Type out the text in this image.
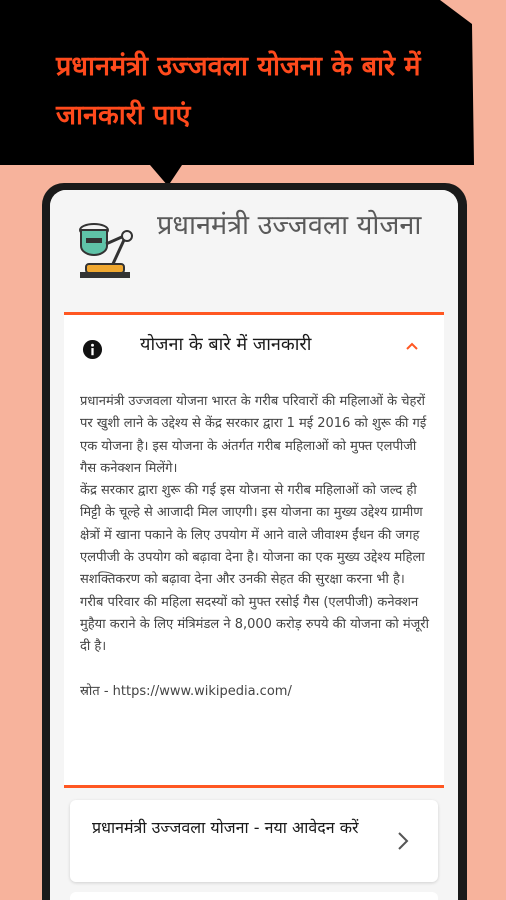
प्रधानमंत्री उज्जवला योजना के बारे में जानकारी पाएं
प्रधानमंत्री उज्जवला योजना
योजना के बारे में जानकारी

प्रधानमंत्री उज्जवला योजना भारत के गरीब परिवारों की महिलाओं के चेहरों पर खुशी लाने के उद्देश्य से केंद्र सरकार द्वारा 1 मई 2016 को शुरू की गई एक योजना है। इस योजना के अंतर्गत गरीब महिलाओं को मुफ्त एलपीजी गैस कनेक्शन मिलेंगे।

केंद्र सरकार द्वारा शुरू की गई इस योजना से गरीब महिलाओं को जल्द ही मिट्टी के चूल्हे से आजादी मिल जाएगी। इस योजना का मुख्य उद्देश्य ग्रामीण क्षेत्रों में खाना पकाने के लिए उपयोग में आने वाले जीवाश्म ईंधन की जगह एलपीजी के उपयोग को बढ़ावा देना है। योजना का एक मुख्य उद्देश्य महिला सशक्तिकरण को बढ़ावा देना और उनकी सेहत की सुरक्षा करना भी है।

गरीब परिवार की महिला सदस्यों को मुफ्त रसोई गैस (एलपीजी) कनेक्शन मुहैया कराने के लिए मंत्रिमंडल ने 8,000 करोड़ रुपये की योजना को मंजूरी दी है।

स्रोत - https://www.wikipedia.com/

प्रधानमंत्री उज्जवला योजना - नया आवेदन करें
